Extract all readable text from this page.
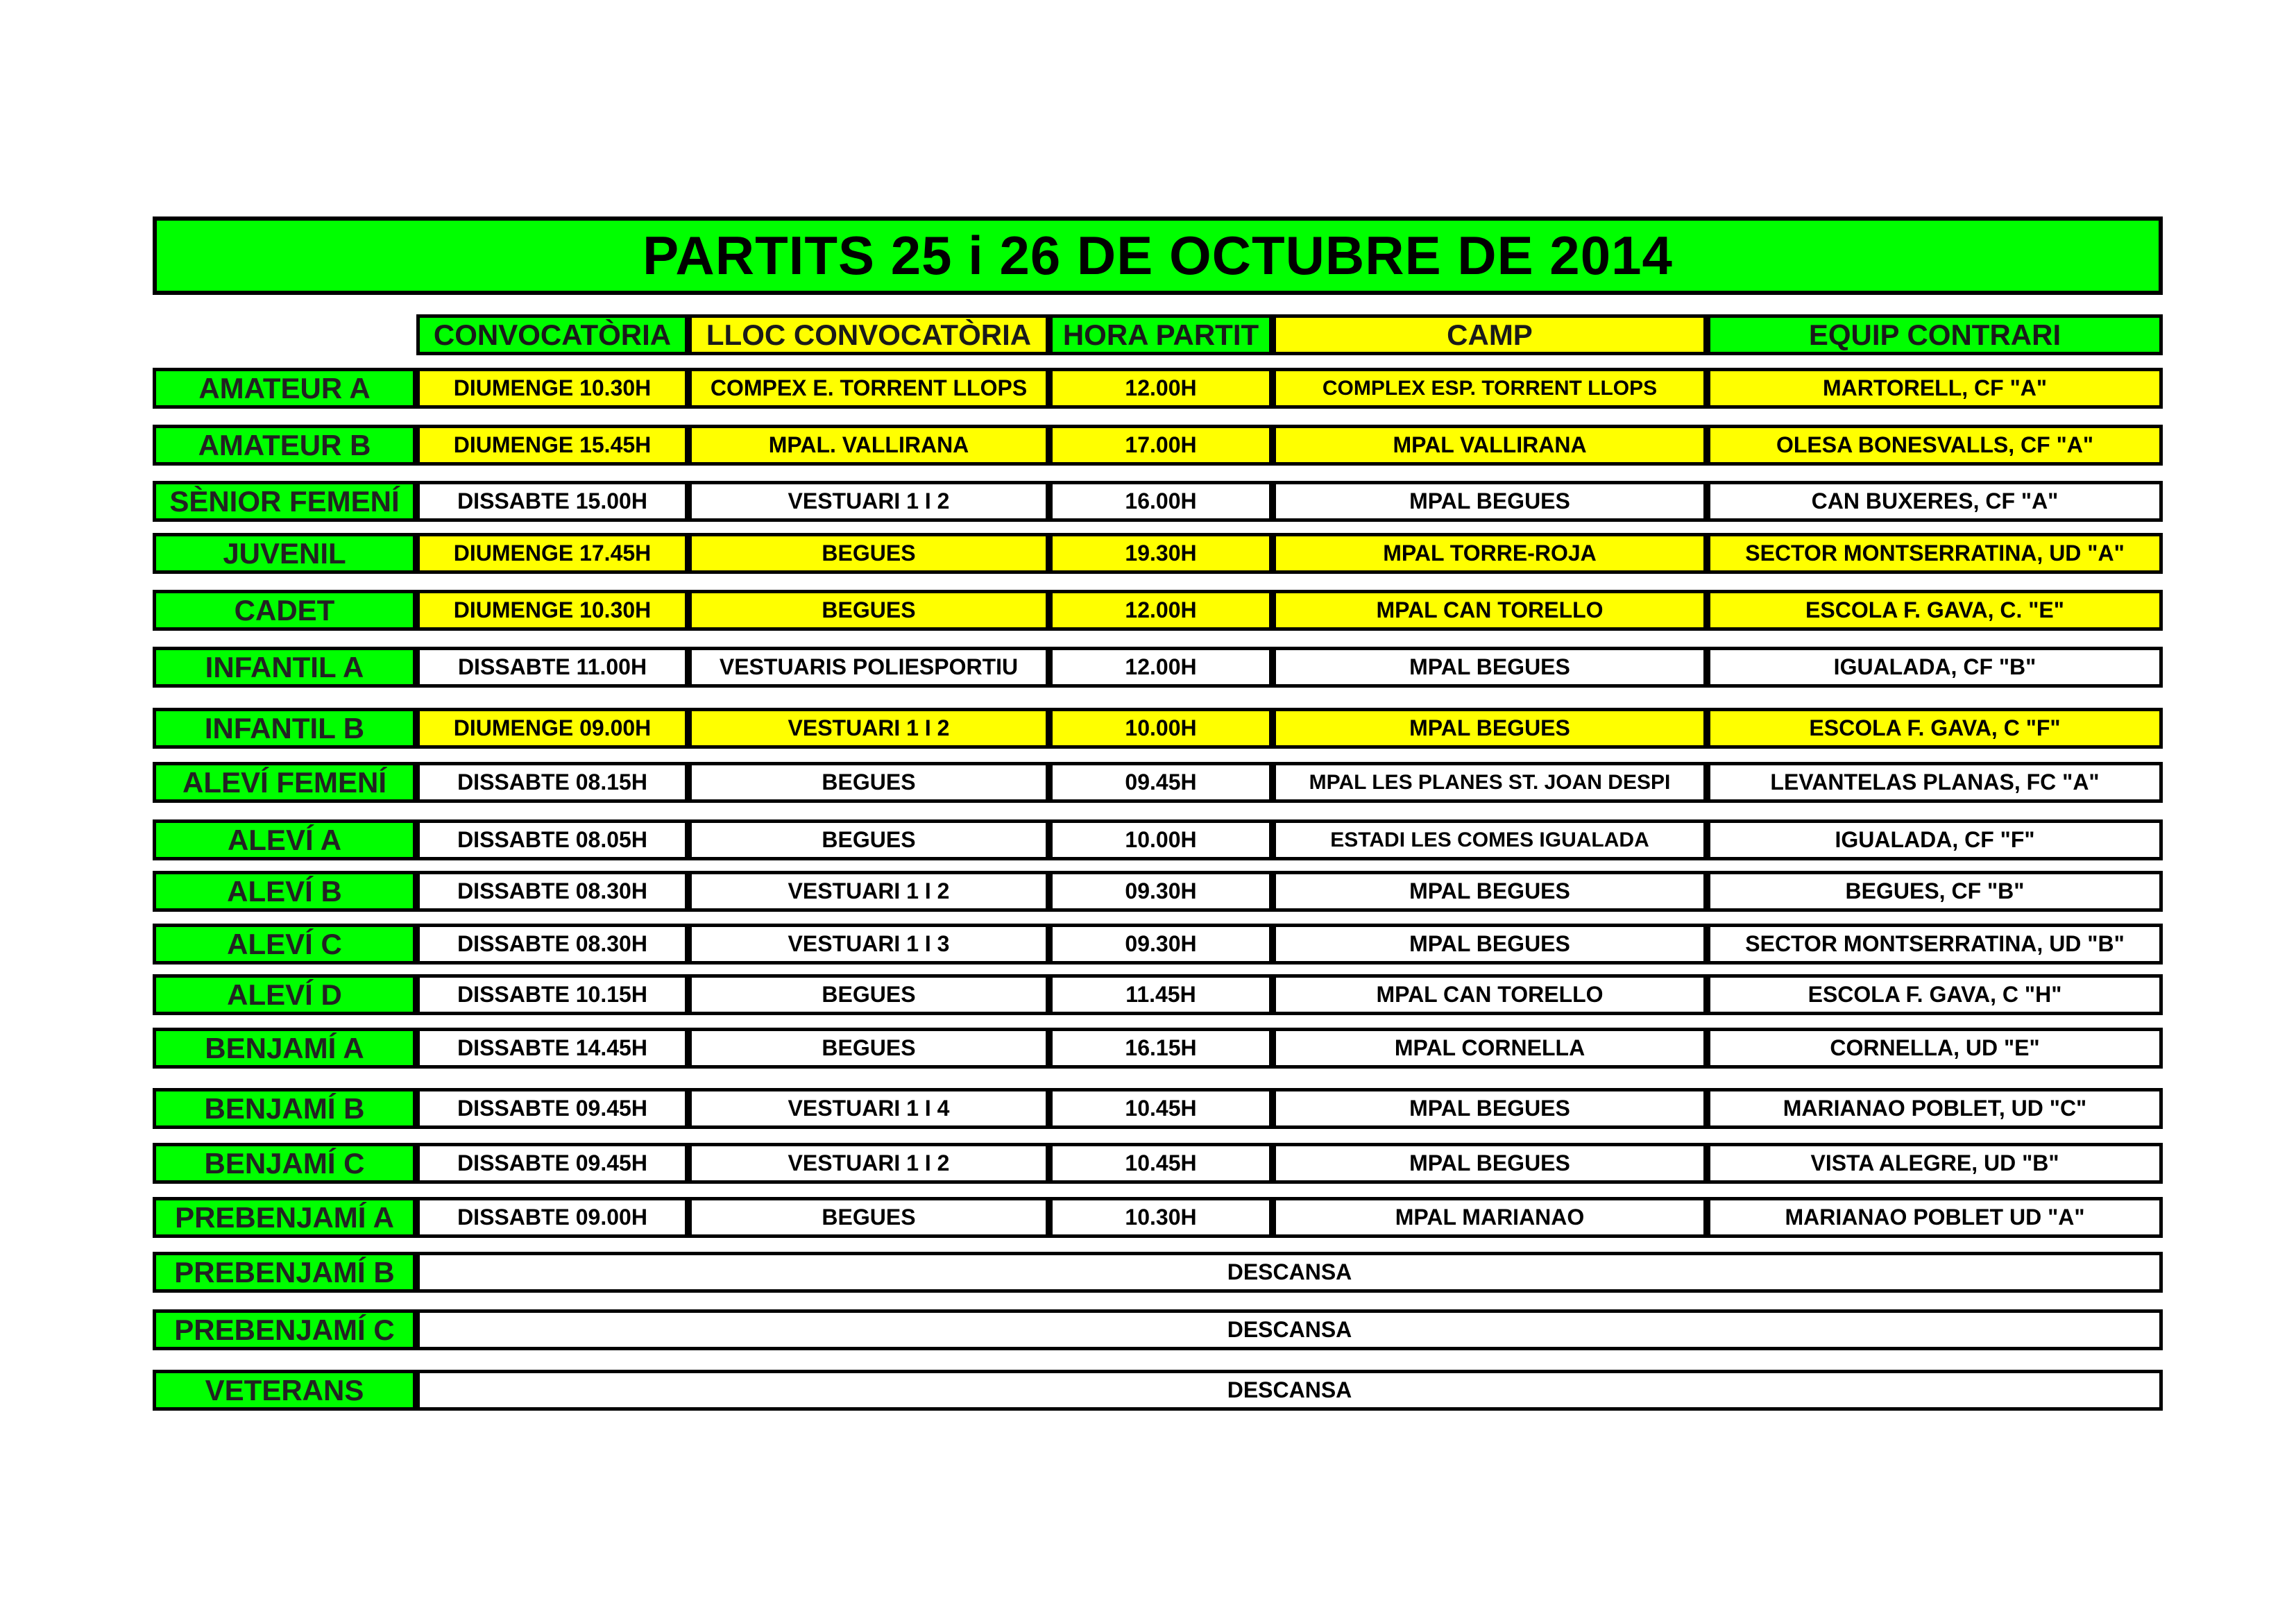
PARTITS 25 i 26 DE OCTUBRE DE 2014
CONVOCATÒRIA	LLOC CONVOCATÒRIA	HORA PARTIT	CAMP	EQUIP CONTRARI
AMATEUR A	DIUMENGE 10.30H	COMPEX E. TORRENT LLOPS	12.00H	COMPLEX ESP. TORRENT LLOPS	MARTORELL, CF "A"
AMATEUR B	DIUMENGE 15.45H	MPAL. VALLIRANA	17.00H	MPAL VALLIRANA	OLESA BONESVALLS, CF "A"
SÈNIOR FEMENÍ	DISSABTE 15.00H	VESTUARI 1 I 2	16.00H	MPAL BEGUES	CAN BUXERES, CF "A"
JUVENIL	DIUMENGE 17.45H	BEGUES	19.30H	MPAL TORRE-ROJA	SECTOR MONTSERRATINA, UD "A"
CADET	DIUMENGE 10.30H	BEGUES	12.00H	MPAL CAN TORELLO	ESCOLA F. GAVA, C. "E"
INFANTIL A	DISSABTE 11.00H	VESTUARIS POLIESPORTIU	12.00H	MPAL BEGUES	IGUALADA, CF "B"
INFANTIL B	DIUMENGE 09.00H	VESTUARI 1 I 2	10.00H	MPAL BEGUES	ESCOLA F. GAVA, C "F"
ALEVÍ FEMENÍ	DISSABTE 08.15H	BEGUES	09.45H	MPAL LES PLANES ST. JOAN DESPI	LEVANTELAS PLANAS, FC "A"
ALEVÍ A	DISSABTE 08.05H	BEGUES	10.00H	ESTADI LES COMES IGUALADA	IGUALADA, CF "F"
ALEVÍ B	DISSABTE 08.30H	VESTUARI 1 I 2	09.30H	MPAL BEGUES	BEGUES, CF "B"
ALEVÍ C	DISSABTE 08.30H	VESTUARI 1 I 3	09.30H	MPAL BEGUES	SECTOR MONTSERRATINA, UD "B"
ALEVÍ D	DISSABTE 10.15H	BEGUES	11.45H	MPAL CAN TORELLO	ESCOLA F. GAVA, C "H"
BENJAMÍ A	DISSABTE 14.45H	BEGUES	16.15H	MPAL CORNELLA	CORNELLA, UD "E"
BENJAMÍ B	DISSABTE 09.45H	VESTUARI 1 I 4	10.45H	MPAL BEGUES	MARIANAO POBLET, UD "C"
BENJAMÍ C	DISSABTE 09.45H	VESTUARI 1 I 2	10.45H	MPAL BEGUES	VISTA ALEGRE, UD "B"
PREBENJAMÍ A	DISSABTE 09.00H	BEGUES	10.30H	MPAL MARIANAO	MARIANAO POBLET UD "A"
PREBENJAMÍ B	DESCANSA
PREBENJAMÍ C	DESCANSA
VETERANS	DESCANSA
